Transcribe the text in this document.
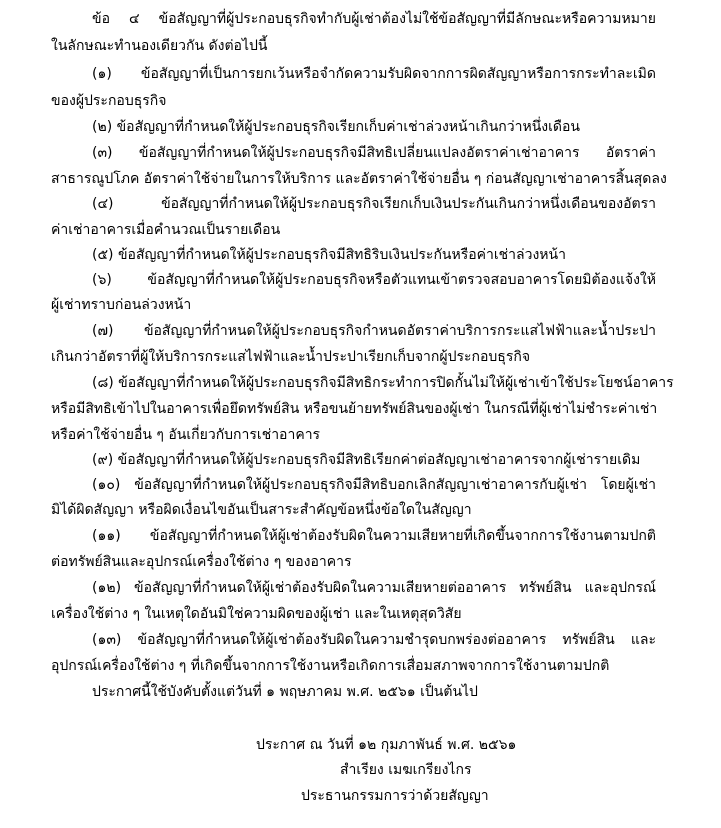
ข้อ ๔ ข้อสัญญาที่ผู้ประกอบธุรกิจทำกับผู้เช่าต้องไม่ใช้ข้อสัญญาที่มีลักษณะหรือความหมาย
ในลักษณะทำนองเดียวกัน ดังต่อไปนี้
(๑) ข้อสัญญาที่เป็นการยกเว้นหรือจำกัดความรับผิดจากการผิดสัญญาหรือการกระทำละเมิด
ของผู้ประกอบธุรกิจ
(๒) ข้อสัญญาที่กำหนดให้ผู้ประกอบธุรกิจเรียกเก็บค่าเช่าล่วงหน้าเกินกว่าหนึ่งเดือน
(๓) ข้อสัญญาที่กำหนดให้ผู้ประกอบธุรกิจมีสิทธิเปลี่ยนแปลงอัตราค่าเช่าอาคาร อัตราค่า
สาธารณูปโภค อัตราค่าใช้จ่ายในการให้บริการ และอัตราค่าใช้จ่ายอื่น ๆ ก่อนสัญญาเช่าอาคารสิ้นสุดลง
(๔) ข้อสัญญาที่กำหนดให้ผู้ประกอบธุรกิจเรียกเก็บเงินประกันเกินกว่าหนึ่งเดือนของอัตรา
ค่าเช่าอาคารเมื่อคำนวณเป็นรายเดือน
(๕) ข้อสัญญาที่กำหนดให้ผู้ประกอบธุรกิจมีสิทธิริบเงินประกันหรือค่าเช่าล่วงหน้า
(๖) ข้อสัญญาที่กำหนดให้ผู้ประกอบธุรกิจหรือตัวแทนเข้าตรวจสอบอาคารโดยมิต้องแจ้งให้
ผู้เช่าทราบก่อนล่วงหน้า
(๗) ข้อสัญญาที่กำหนดให้ผู้ประกอบธุรกิจกำหนดอัตราค่าบริการกระแสไฟฟ้าและน้ำประปา
เกินกว่าอัตราที่ผู้ให้บริการกระแสไฟฟ้าและน้ำประปาเรียกเก็บจากผู้ประกอบธุรกิจ
(๘) ข้อสัญญาที่กำหนดให้ผู้ประกอบธุรกิจมีสิทธิกระทำการปิดกั้นไม่ให้ผู้เช่าเข้าใช้ประโยชน์อาคาร
หรือมีสิทธิเข้าไปในอาคารเพื่อยึดทรัพย์สิน หรือขนย้ายทรัพย์สินของผู้เช่า ในกรณีที่ผู้เช่าไม่ชำระค่าเช่า
หรือค่าใช้จ่ายอื่น ๆ อันเกี่ยวกับการเช่าอาคาร
(๙) ข้อสัญญาที่กำหนดให้ผู้ประกอบธุรกิจมีสิทธิเรียกค่าต่อสัญญาเช่าอาคารจากผู้เช่ารายเดิม
(๑๐) ข้อสัญญาที่กำหนดให้ผู้ประกอบธุรกิจมีสิทธิบอกเลิกสัญญาเช่าอาคารกับผู้เช่า โดยผู้เช่า
มิได้ผิดสัญญา หรือผิดเงื่อนไขอันเป็นสาระสำคัญข้อหนึ่งข้อใดในสัญญา
(๑๑) ข้อสัญญาที่กำหนดให้ผู้เช่าต้องรับผิดในความเสียหายที่เกิดขึ้นจากการใช้งานตามปกติ
ต่อทรัพย์สินและอุปกรณ์เครื่องใช้ต่าง ๆ ของอาคาร
(๑๒) ข้อสัญญาที่กำหนดให้ผู้เช่าต้องรับผิดในความเสียหายต่ออาคาร ทรัพย์สิน และอุปกรณ์
เครื่องใช้ต่าง ๆ ในเหตุใดอันมิใช่ความผิดของผู้เช่า และในเหตุสุดวิสัย
(๑๓) ข้อสัญญาที่กำหนดให้ผู้เช่าต้องรับผิดในความชำรุดบกพร่องต่ออาคาร ทรัพย์สิน และ
อุปกรณ์เครื่องใช้ต่าง ๆ ที่เกิดขึ้นจากการใช้งานหรือเกิดการเสื่อมสภาพจากการใช้งานตามปกติ
ประกาศนี้ใช้บังคับตั้งแต่วันที่ ๑ พฤษภาคม พ.ศ. ๒๕๖๑ เป็นต้นไป
ประกาศ ณ วันที่ ๑๒ กุมภาพันธ์ พ.ศ. ๒๕๖๑
สำเรียง เมฆเกรียงไกร
ประธานกรรมการว่าด้วยสัญญา
